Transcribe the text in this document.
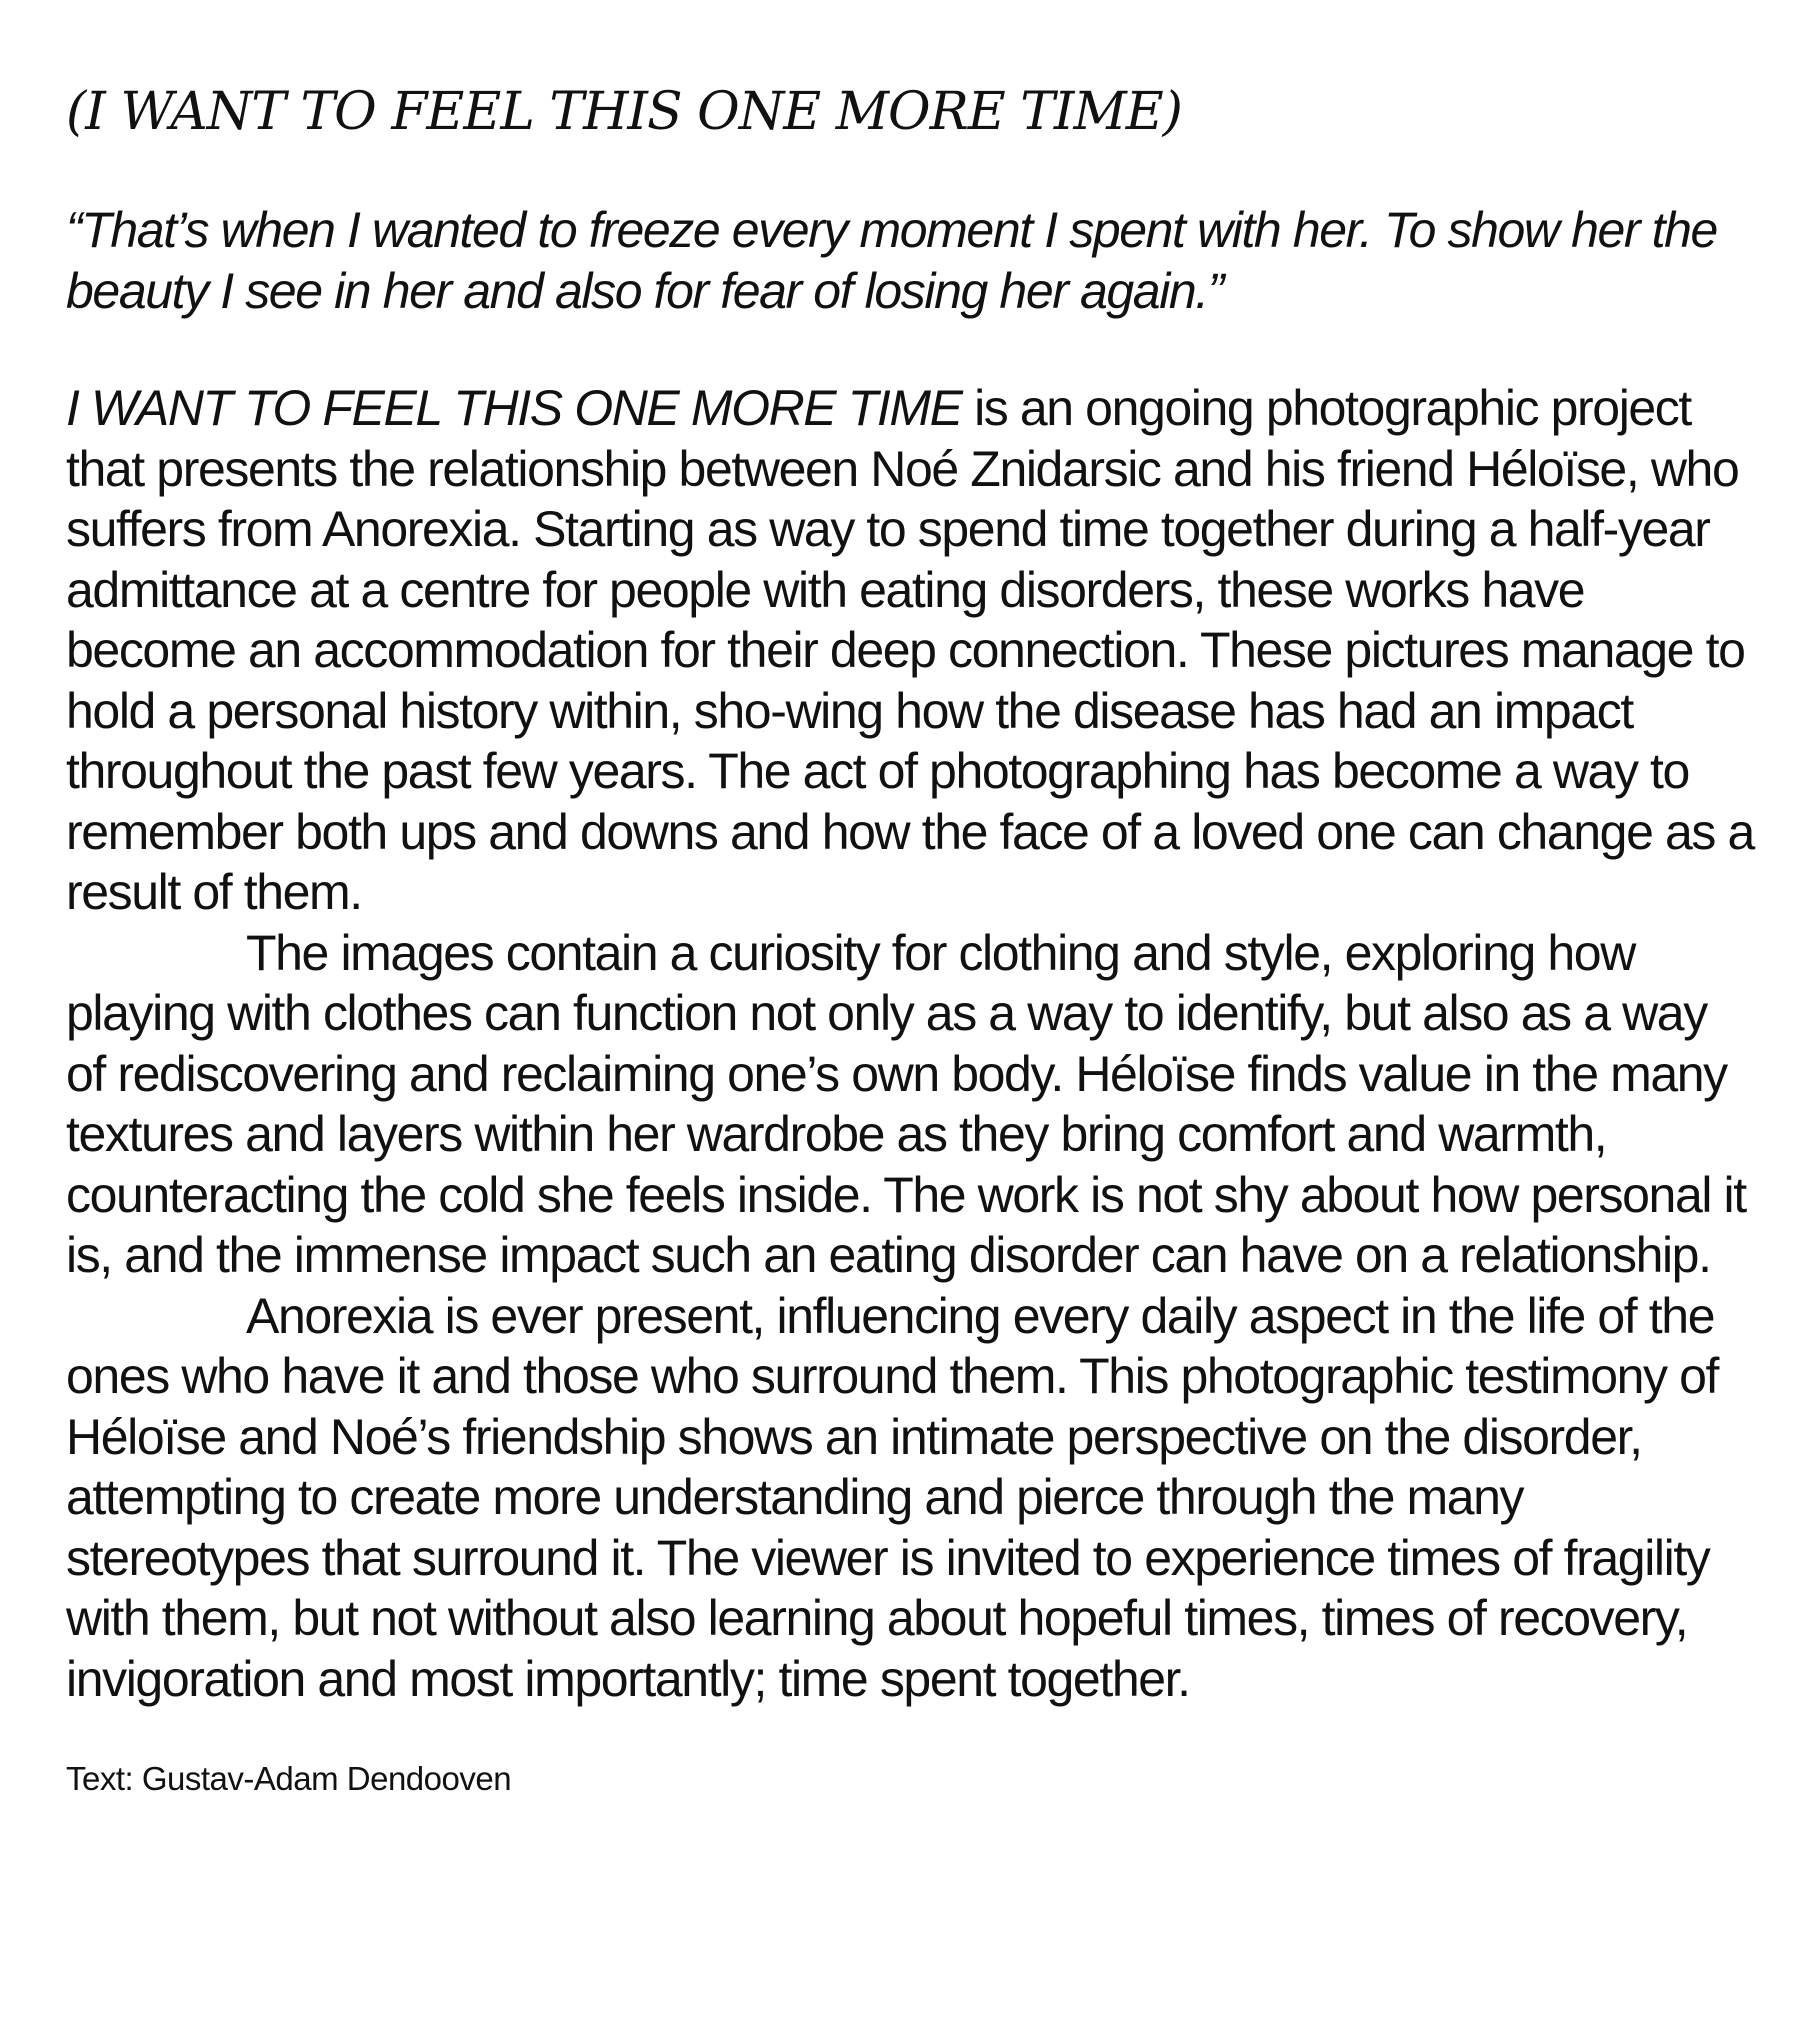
(I WANT TO FEEL THIS ONE MORE TIME)

“That’s when I wanted to freeze every moment I spent with her. To show her the beauty I see in her and also for fear of losing her again.”

I WANT TO FEEL THIS ONE MORE TIME is an ongoing photographic project that presents the relationship between Noé Znidarsic and his friend Héloïse, who suffers from Anorexia. Starting as way to spend time together during a half-year admittance at a centre for people with eating disorders, these works have become an accommodation for their deep connection. These pictures manage to hold a personal history within, sho-wing how the disease has had an impact throughout the past few years. The act of photographing has become a way to remember both ups and downs and how the face of a loved one can change as a result of them.

The images contain a curiosity for clothing and style, exploring how playing with clothes can function not only as a way to identify, but also as a way of rediscovering and reclaiming one’s own body. Héloïse finds value in the many textures and layers within her wardrobe as they bring comfort and warmth, counteracting the cold she feels inside. The work is not shy about how personal it is, and the immense impact such an eating disorder can have on a relationship.

Anorexia is ever present, influencing every daily aspect in the life of the ones who have it and those who surround them. This photographic testimony of Héloïse and Noé’s friendship shows an intimate perspective on the disorder, attempting to create more understanding and pierce through the many stereotypes that surround it. The viewer is invited to experience times of fragility with them, but not without also learning about hopeful times, times of recovery, invigoration and most importantly; time spent together.

Text: Gustav-Adam Dendooven
